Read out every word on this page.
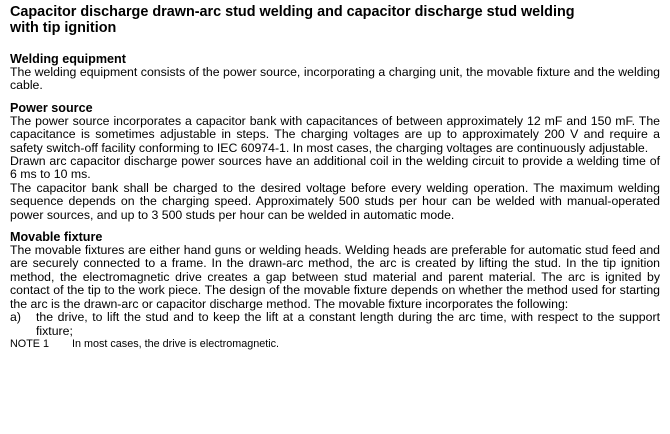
Capacitor discharge drawn-arc stud welding and capacitor discharge stud welding
with tip ignition
Welding equipment

The welding equipment consists of the power source, incorporating a charging unit, the movable fixture and the welding cable.

Power source

The power source incorporates a capacitor bank with capacitances of between approximately 12 mF and 150 mF. The capacitance is sometimes adjustable in steps. The charging voltages are up to approximately 200 V and require a safety switch-off facility conforming to IEC 60974-1. In most cases, the charging voltages are continuously adjustable.

Drawn arc capacitor discharge power sources have an additional coil in the welding circuit to provide a welding time of 6 ms to 10 ms.

The capacitor bank shall be charged to the desired voltage before every welding operation. The maximum welding sequence depends on the charging speed. Approximately 500 studs per hour can be welded with manual-operated power sources, and up to 3 500 studs per hour can be welded in automatic mode.

Movable fixture

The movable fixtures are either hand guns or welding heads. Welding heads are preferable for automatic stud feed and are securely connected to a frame. In the drawn-arc method, the arc is created by lifting the stud. In the tip ignition method, the electromagnetic drive creates a gap between stud material and parent material. The arc is ignited by contact of the tip to the work piece. The design of the movable fixture depends on whether the method used for starting the arc is the drawn-arc or capacitor discharge method. The movable fixture incorporates the following:

a)	the drive, to lift the stud and to keep the lift at a constant length during the arc time, with respect to the support fixture;
NOTE 1	In most cases, the drive is electromagnetic.
